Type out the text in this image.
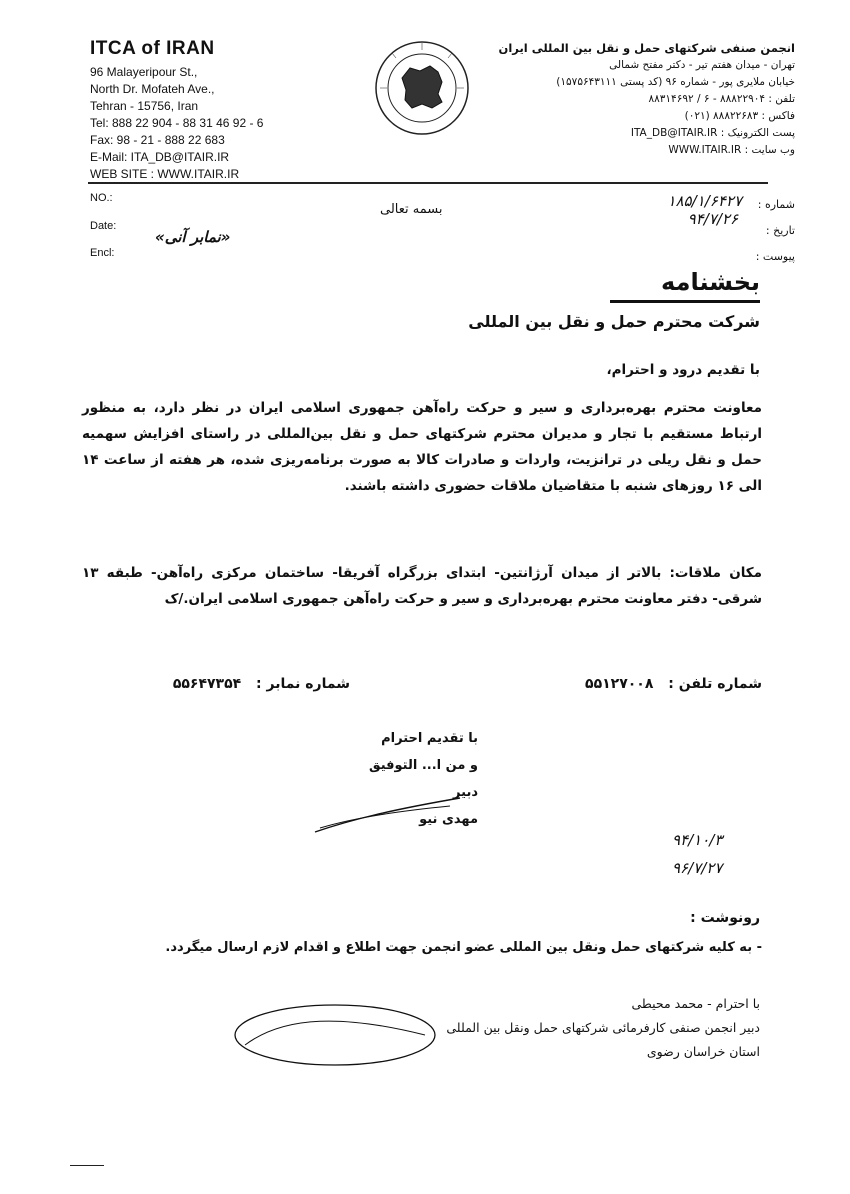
ITCA of IRAN
96 Malayeripour St.,
North Dr. Mofateh Ave.,
Tehran - 15756, Iran
Tel: 888 22 904 - 88 31 46 92 - 6
Fax: 98 - 21 - 888 22 683
E-Mail: ITA_DB@ITAIR.IR
WEB SITE : WWW.ITAIR.IR
انجمن صنفی شرکتهای حمل و نقل بین المللی ایران
تهران - میدان هفتم تیر - دکتر مفتح شمالی
خیابان ملایری پور - شماره ۹۶ (کد پستی ۱۵۷۵۶۴۳۱۱۱)
تلفن : ۸۸۸۲۲۹۰۴ - ۶ / ۸۸۳۱۴۶۹۲
فاکس : ۸۸۸۲۲۶۸۳ (۰۲۱)
پست الکترونیک : ITA_DB@ITAIR.IR
وب سایت : WWW.ITAIR.IR
NO.:
Date:
Encl:
شماره :
تاریخ :
پیوست :
۱۸۵/۱/۶۴۲۷
۹۴/۷/۲۶
بسمه تعالی
«نمابر آنی»
بخشنامه
شرکت محترم حمل و نقل بین المللی
با تقدیم درود و احترام،
معاونت محترم بهره‌برداری و سیر و حرکت راه‌آهن جمهوری اسلامی ایران در نظر دارد، به منظور ارتباط مستقیم با تجار و مدیران محترم شرکتهای حمل و نقل بین‌المللی در راستای افزایش سهمیه حمل و نقل ریلی در ترانزیت، واردات و صادرات کالا به صورت برنامه‌ریزی شده، هر هفته از ساعت ۱۴ الی ۱۶ روزهای شنبه با متقاضیان ملاقات حضوری داشته باشند.
مکان ملاقات: بالاتر از میدان آرژانتین- ابتدای بزرگراه آفریقا- ساختمان مرکزی راه‌آهن- طبقه ۱۳ شرقی- دفتر معاونت محترم بهره‌برداری و سیر و حرکت راه‌آهن جمهوری اسلامی ایران./ک
شماره تلفن : ۵۵۱۲۷۰۰۸
شماره نمابر : ۵۵۶۴۷۳۵۴
با تقدیم احترام
و من ا... التوفیق
دبیر
مهدی نیو
۹۴/۱۰/۳
۹۶/۷/۲۷
رونوشت :
- به کلیه شرکتهای حمل ونقل بین المللی عضو انجمن جهت اطلاع و اقدام لازم ارسال میگردد.
با احترام - محمد محیطی
دبیر انجمن صنفی کارفرمائی شرکتهای حمل ونقل بین المللی
استان خراسان رضوی
